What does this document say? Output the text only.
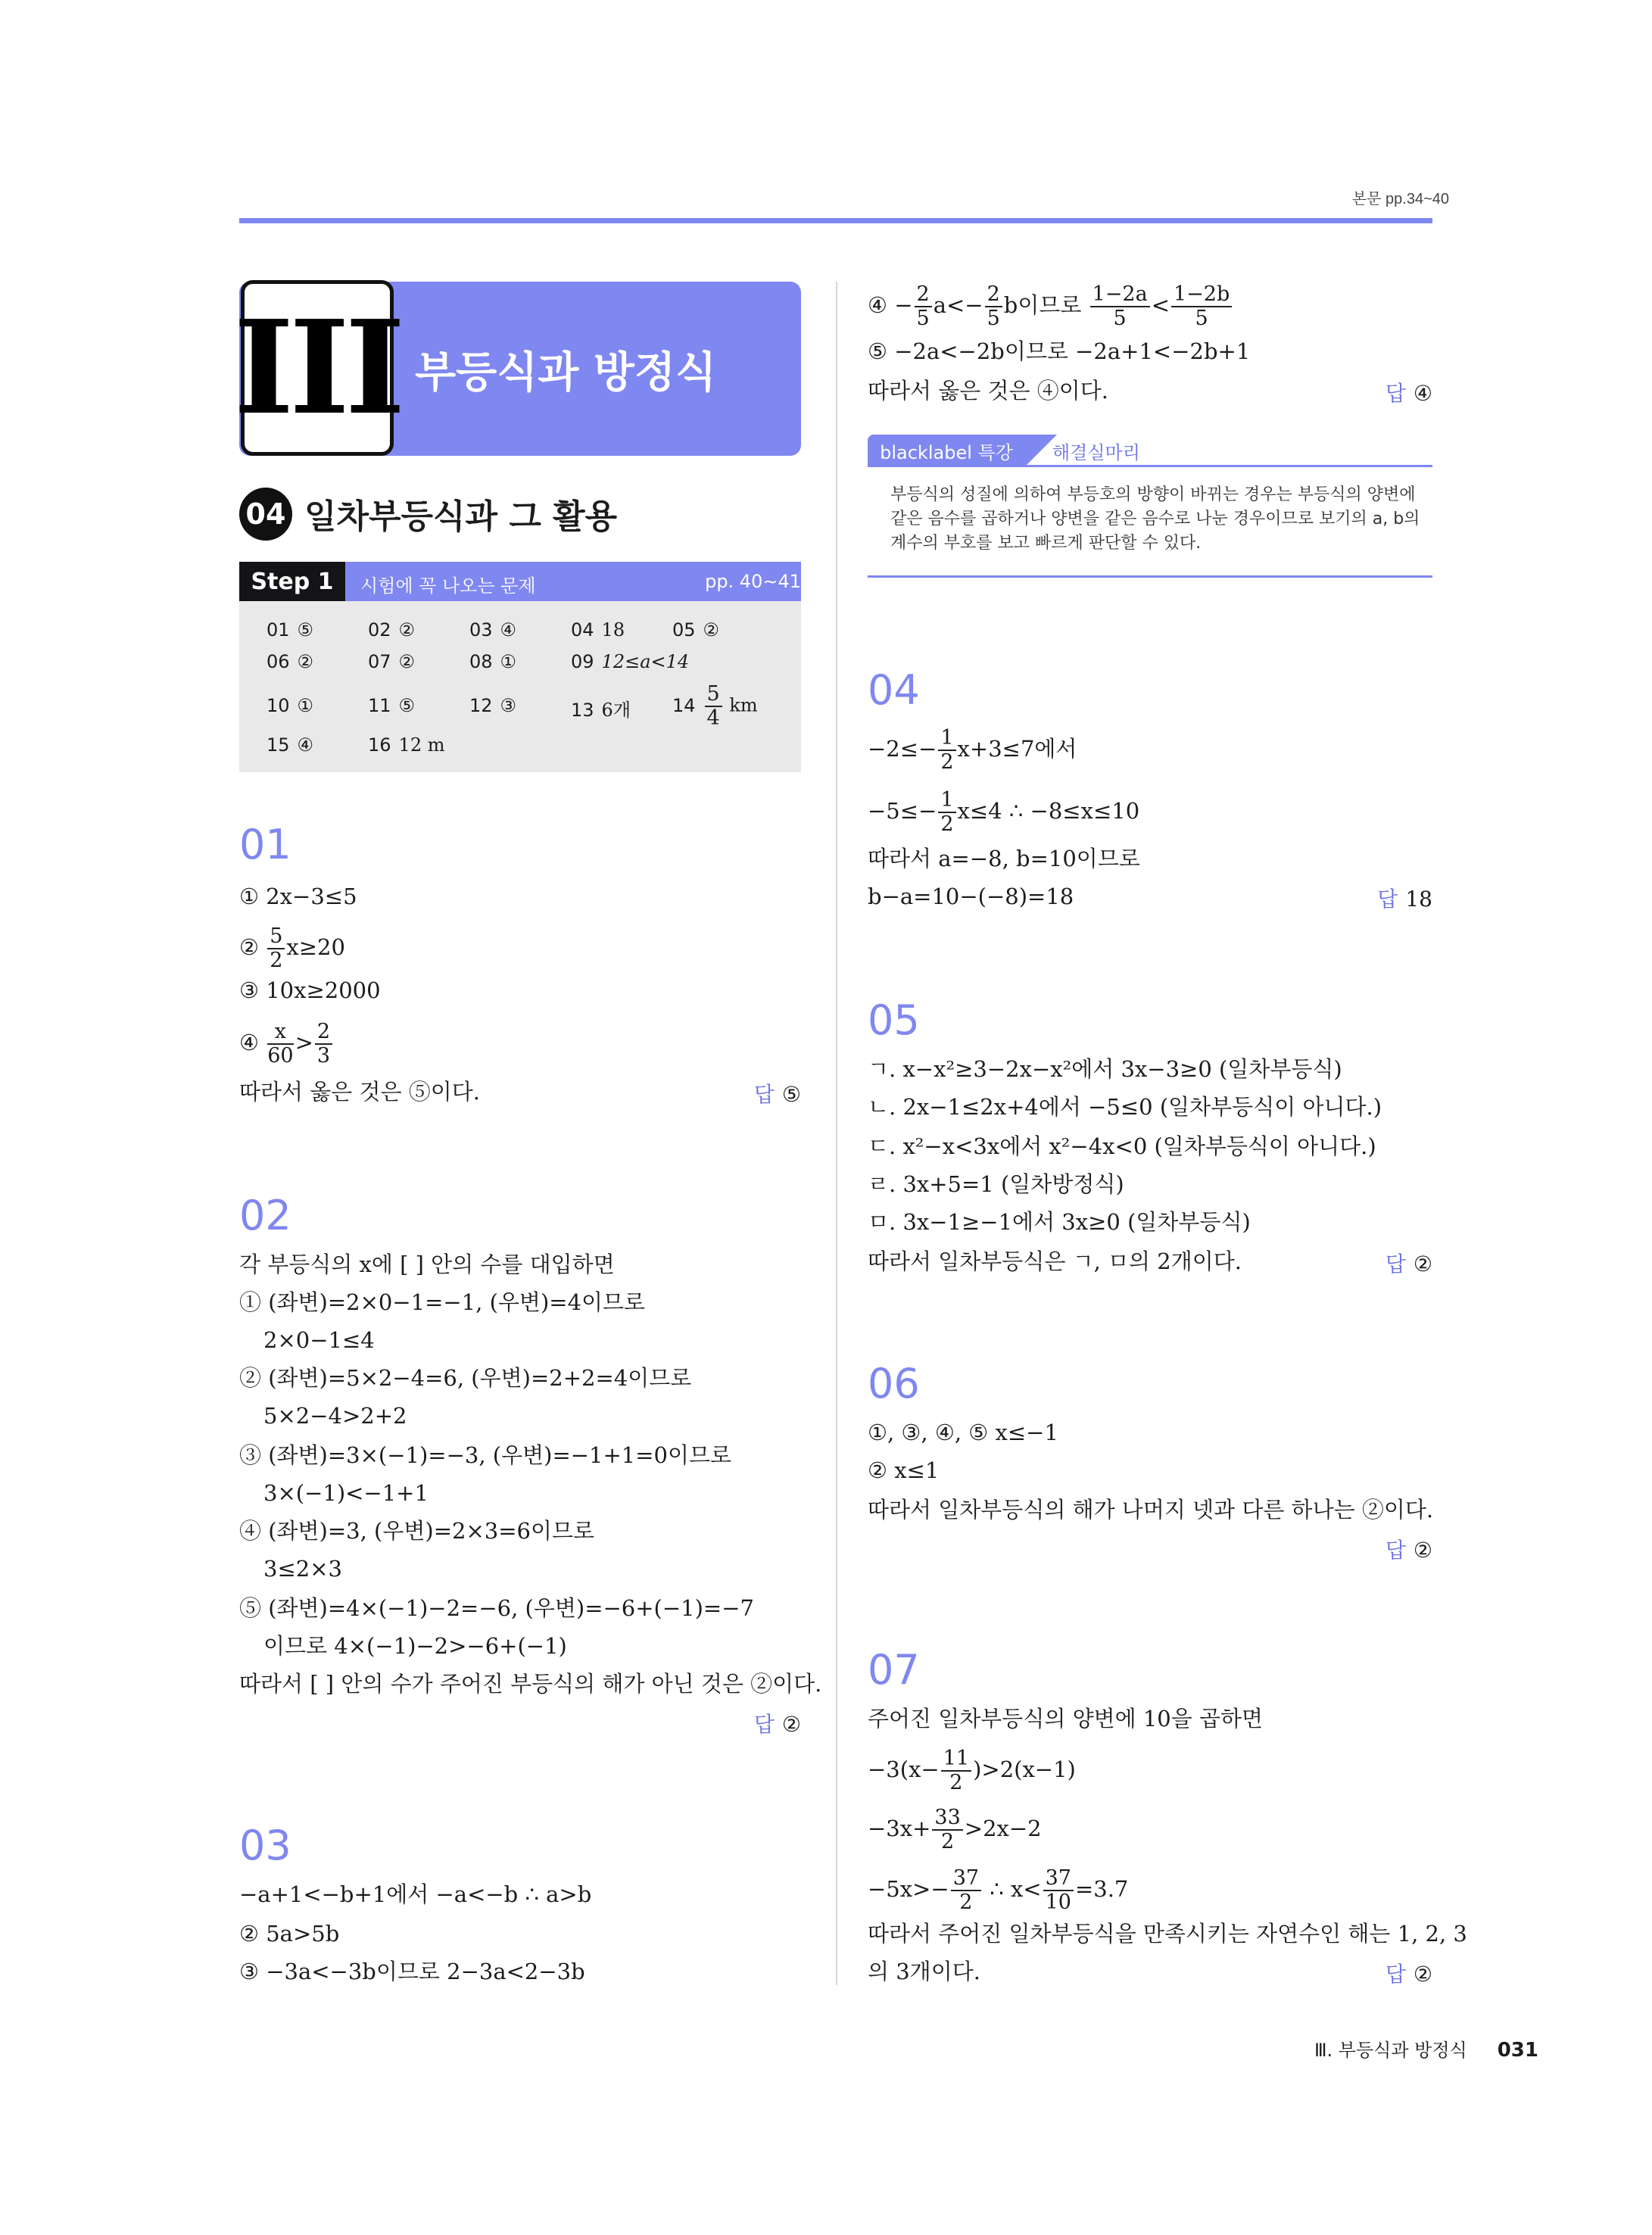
본문 pp.34~40
III 부등식과 방정식
04 일차부등식과 그 활용
Step 1	시험에 꼭 나오는 문제	pp. 40∼41
01 ⑤	02 ②	03 ④	04 18	05 ②
06 ②	07 ②	08 ①	09 12≤a<14
10 ①	11 ⑤	12 ③	13 6개 $14 \frac{5}{4}$ km
15 ④	16 12 m
01
① 2x−3≤5
② $\frac{5}{2} x\ge 20$
③ 10x≥2000
④ $\frac{x}{60} > \frac{2}{3}$
따라서 옳은 것은 ⑤이다.	답 ⑤
02
각 부등식의 x에 [ ] 안의 수를 대입하면
① (좌변)=2×0−1=−1, (우변)=4이므로
2×0−1≤4
② (좌변)=5×2−4=6, (우변)=2+2=4이므로
5×2−4>2+2
③ (좌변)=3×(−1)=−3, (우변)=−1+1=0이므로
3×(−1)<−1+1
④ (좌변)=3, (우변)=2×3=6이므로
3≤2×3
⑤ (좌변)=4×(−1)−2=−6, (우변)=−6+(−1)=−7
이므로 4×(−1)−2>−6+(−1)
따라서 [ ] 안의 수가 주어진 부등식의 해가 아닌 것은 ②이다.
답 ②
03
−a+1<−b+1에서 −a<−b ∴ a>b
② 5a>5b
③ −3a<−3b이므로 2−3a<2−3b
④ − $\frac{2}{5} a<- \frac{2}{5}$ b이므로 $\frac{1-2a}{5} < \frac{1-2b}{5}$
⑤ −2a<−2b이므로 −2a+1<−2b+1
따라서 옳은 것은 ④이다.	답 ④
blacklabel 특강	해결실마리
부등식의 성질에 의하여 부등호의 방향이 바뀌는 경우는 부등식의 양변에 같은 음수를 곱하거나 양변을 같은 음수로 나눈 경우이므로 보기의 a, b의 계수의 부호를 보고 빠르게 판단할 수 있다.
04
$-2\le- \frac{1}{2} x+3\le 7$에서
$-5\le- \frac{1}{2} x\le 4$ ∴ −8≤x≤10
따라서 a=−8, b=10이므로
b−a=10−(−8)=18	답 18
05
ㄱ. x−x²≥3−2x−x²에서 3x−3≥0 (일차부등식)
ㄴ. 2x−1≤2x+4에서 −5≤0 (일차부등식이 아니다.)
ㄷ. x²−x<3x에서 x²−4x<0 (일차부등식이 아니다.)
ㄹ. 3x+5=1 (일차방정식)
ㅁ. 3x−1≥−1에서 3x≥0 (일차부등식)
따라서 일차부등식은 ㄱ, ㅁ의 2개이다.	답 ②
06
①, ③, ④, ⑤ x≤−1
② x≤1
따라서 일차부등식의 해가 나머지 넷과 다른 하나는 ②이다.
답 ②
07
주어진 일차부등식의 양변에 10을 곱하면
$-3(x- \frac{11}{2} )>2(x-1)$
$-3x+ \frac{33}{2} >2x-2$
$-5x>- \frac{37}{2}$ ∴ $x< \frac{37}{10} =3.7$
따라서 주어진 일차부등식을 만족시키는 자연수인 해는 1, 2, 3
의 3개이다.	답 ②
Ⅲ. 부등식과 방정식 031
